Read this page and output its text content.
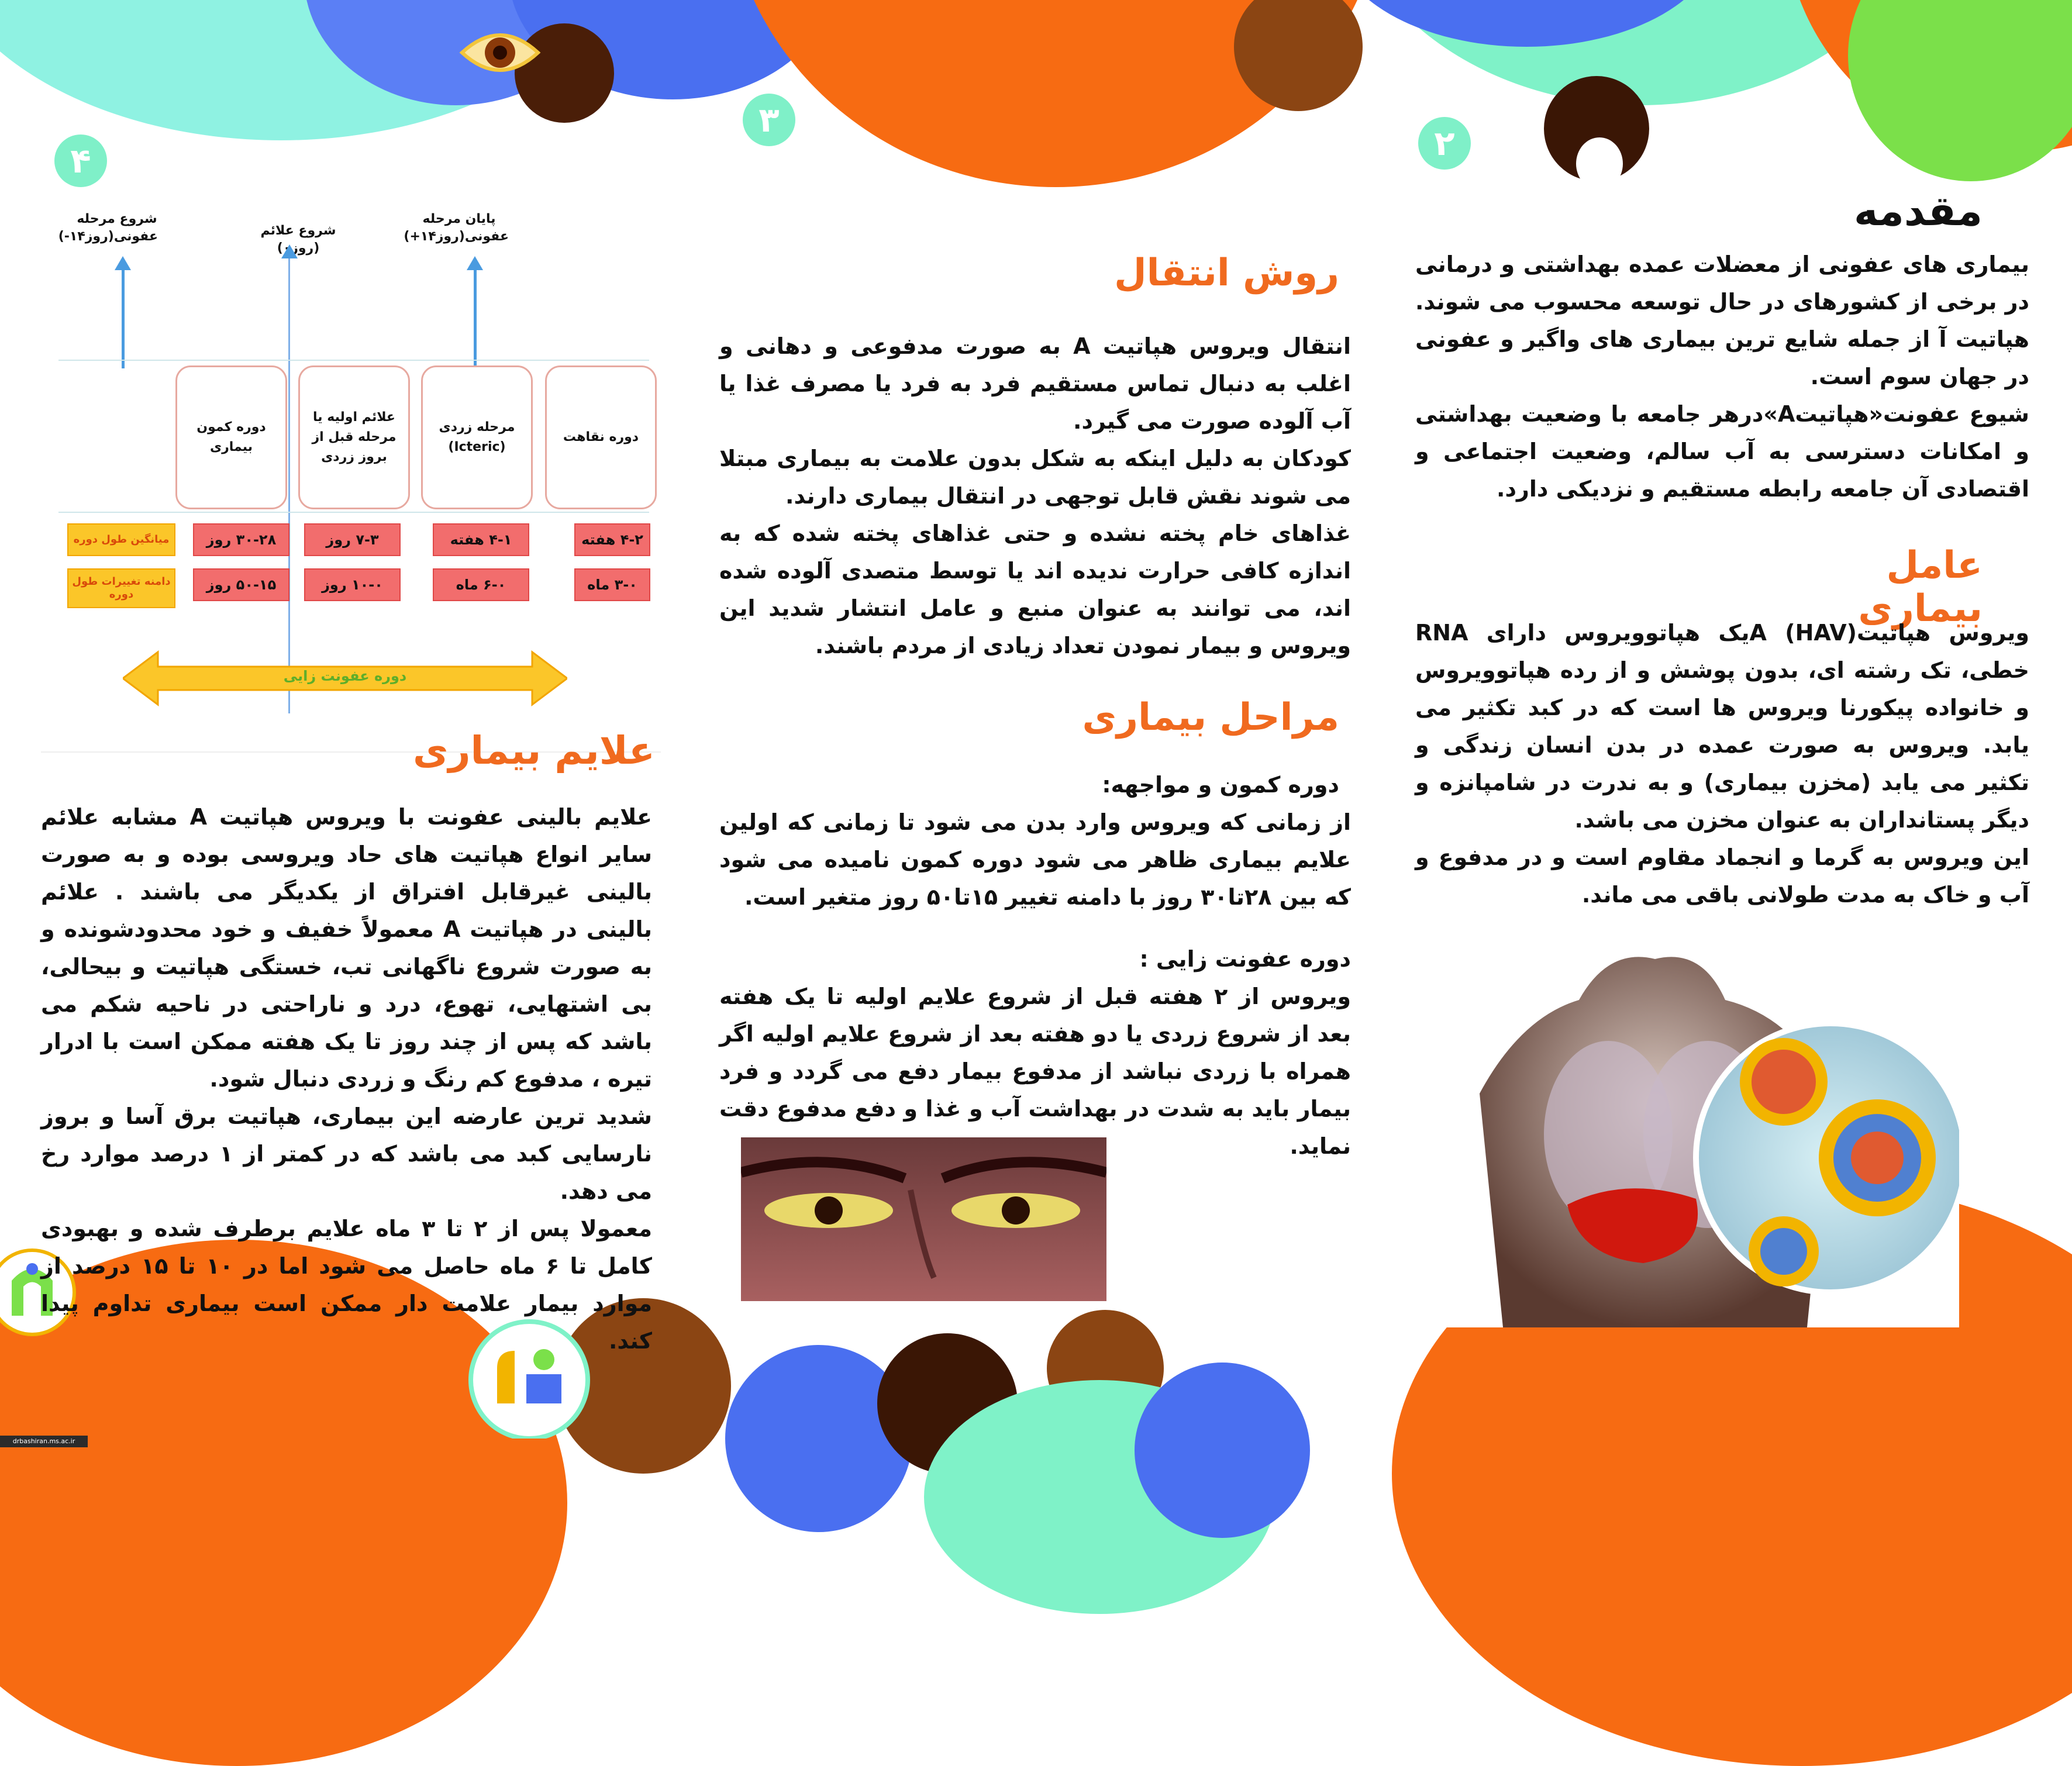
۲
۳
۴
drbashiran.ms.ac.ir
مقدمه

بیماری های عفونی از معضلات عمده بهداشتی و درمانی در برخی از کشورهای در حال توسعه محسوب می شوند. هپاتیت آ از جمله شایع ترین بیماری های واگیر و عفونی در جهان سوم است.

شیوع عفونت«هپاتیتA»درهر جامعه با وضعیت بهداشتی و امکانات دسترسی به آب سالم، وضعیت اجتماعی و اقتصادی آن جامعه رابطه مستقیم و نزدیکی دارد.

عامل بیماری

ویروس هپاتیتA (HAV)یک هپاتوویروس دارای RNA خطی، تک رشته ای، بدون پوشش و از رده هپاتوویروس و خانواده پیکورنا ویروس ها است که در کبد تکثیر می یابد. ویروس به صورت عمده در بدن انسان زندگی و تکثیر می یابد (مخزن بیماری) و به ندرت در شامپانزه و دیگر پستانداران به عنوان مخزن می باشد.

این ویروس به گرما و انجماد مقاوم است و در مدفوع و آب و خاک به مدت طولانی باقی می ماند.

روش انتقال

انتقال ویروس هپاتیت A به صورت مدفوعی و دهانی و اغلب به دنبال تماس مستقیم فرد به فرد یا مصرف غذا یا آب آلوده صورت می گیرد.

کودکان به دلیل اینکه به شکل بدون علامت به بیماری مبتلا می شوند نقش قابل توجهی در انتقال بیماری دارند.

غذاهای خام پخته نشده و حتی غذاهای پخته شده که به اندازه کافی حرارت ندیده اند یا توسط متصدی آلوده شده اند، می توانند به عنوان منبع و عامل انتشار شدید این ویروس و بیمار نمودن تعداد زیادی از مردم باشند.

مراحل بیماری

دوره کمون و مواجهه:

از زمانی که ویروس وارد بدن می شود تا زمانی که اولین علایم بیماری ظاهر می شود دوره کمون نامیده می شود که بین ۲۸تا۳۰ روز با دامنه تغییر ۱۵تا۵۰ روز متغیر است.

دوره عفونت زایی :

ویروس از ۲ هفته قبل از شروع علایم اولیه تا یک هفته بعد از شروع زردی یا دو هفته بعد از شروع علایم اولیه اگر همراه با زردی نباشد از مدفوع بیمار دفع می گردد و فرد بیمار باید به شدت در بهداشت آب و غذا و دفع مدفوع دقت نماید.

شروع مرحله عفونی(روز۱۴-)	شروع علائم (رو )
پایان مرحله عفونی(روز۱۴+)
دوره کمون بیماری
علائم اولیه یا مرحله قبل از بروز زردی
مرحله زردی (Icteric)
دوره نقاهت
میانگین طول دوره
دامنه تغییرات طول دوره
۳۰-۲۸ روز
۵۰-۱۵ روز
۷-۳ روز
۱۰-۰ روز
۴-۱ هفته
۶-۰ ماه
۴-۲ هفته
۳-۰ ماه
دوره عفونت زایی
علایم بیماری

علایم بالینی عفونت با ویروس هپاتیت A مشابه علائم سایر انواع هپاتیت های حاد ویروسی بوده و به صورت بالینی غیرقابل افتراق از یکدیگر می باشند . علائم بالینی در هپاتیت A معمولاً خفیف و خود محدودشونده و به صورت شروع ناگهانی تب، خستگی هپاتیت و بیحالی، بی اشتهایی، تهوع، درد و ناراحتی در ناحیه شکم می باشد که پس از چند روز تا یک هفته ممکن است با ادرار تیره ، مدفوع کم رنگ و زردی دنبال شود.

شدید ترین عارضه این بیماری، هپاتیت برق آسا و بروز نارسایی کبد می باشد که در کمتر از ۱ درصد موارد رخ می دهد.

معمولا پس از ۲ تا ۳ ماه علایم برطرف شده و بهبودی کامل تا ۶ ماه حاصل می شود اما در ۱۰ تا ۱۵ درصد از موارد بیمار علامت دار ممکن است بیماری تداوم پیدا کند.
